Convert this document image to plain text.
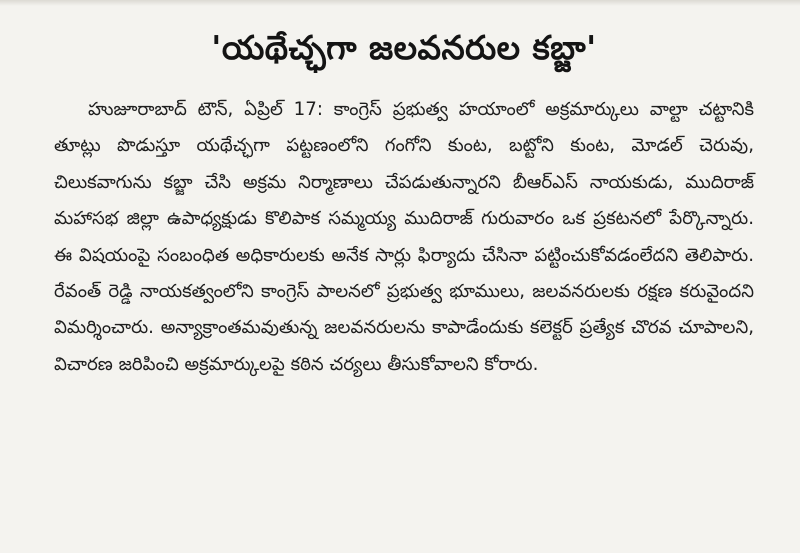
'యథేచ్ఛగా జలవనరుల కబ్జా'

హుజూరాబాద్ టౌన్, ఏప్రిల్ 17: కాంగ్రెస్ ప్రభుత్వ హయాంలో అక్రమార్కులు వాల్టా చట్టానికి తూట్లు పొడుస్తూ యథేచ్ఛగా పట్టణంలోని గంగోని కుంట, బట్టోని కుంట, మోడల్ చెరువు, చిలుకవాగును కబ్జా చేసి అక్రమ నిర్మాణాలు చేపడుతున్నారని బీఆర్ఎస్ నాయకుడు, ముదిరాజ్ మహాసభ జిల్లా ఉపాధ్యక్షుడు కొలిపాక సమ్మయ్య ముదిరాజ్ గురువారం ఒక ప్రకటనలో పేర్కొన్నారు. ఈ విషయంపై సంబంధిత అధికారులకు అనేక సార్లు ఫిర్యాదు చేసినా పట్టించుకోవడంలేదని తెలిపారు. రేవంత్ రెడ్డి నాయకత్వంలోని కాంగ్రెస్ పాలనలో ప్రభుత్వ భూములు, జలవనరులకు రక్షణ కరువైందని విమర్శించారు. అన్యాక్రాంతమవుతున్న జలవనరులను కాపాడేందుకు కలెక్టర్ ప్రత్యేక చొరవ చూపాలని, విచారణ జరిపించి అక్రమార్కులపై కఠిన చర్యలు తీసుకోవాలని కోరారు.
